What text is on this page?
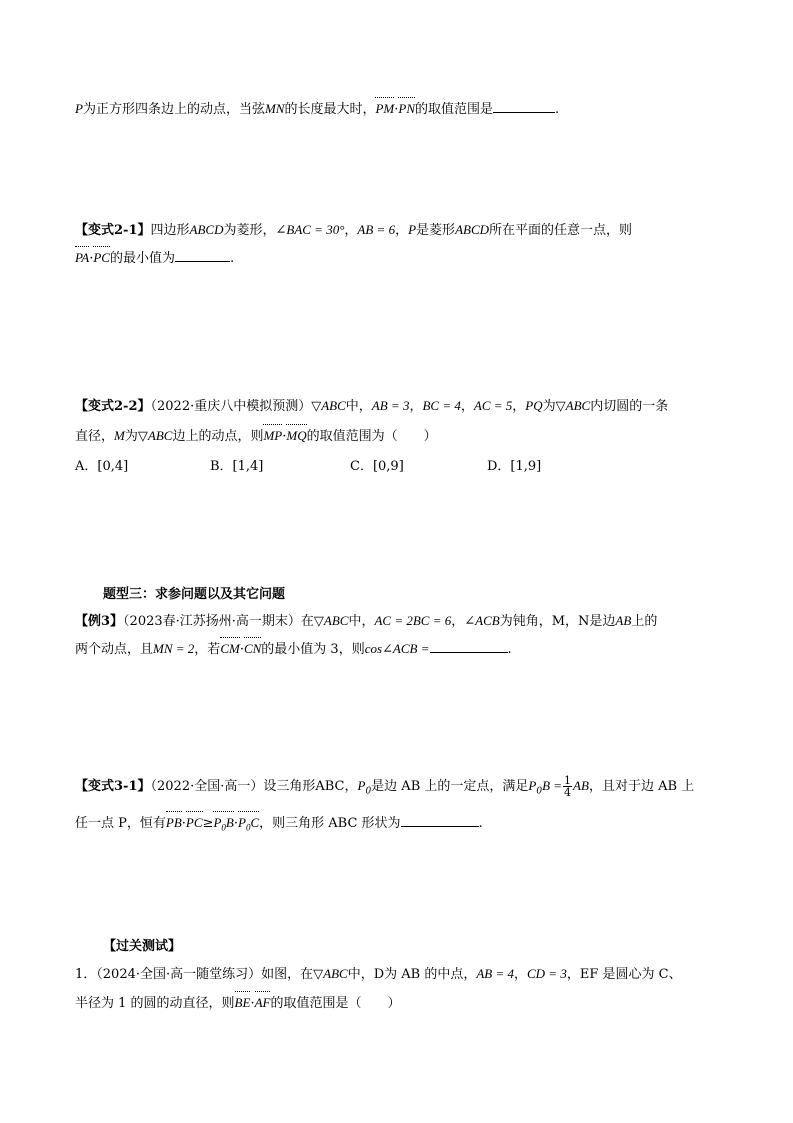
P为正方形四条边上的动点，当弦MN的长度最大时，PM·PN的取值范围是	.
【变式2-1】四边形ABCD为菱形，∠BAC = 30°，AB = 6，P是菱形ABCD所在平面的任意一点，则
PA·PC的最小值为	.
【变式2-2】（2022·重庆八中模拟预测）▽ABC中，AB = 3，BC = 4，AC = 5，PQ为▽ABC内切圆的一条
直径，M为▽ABC边上的动点，则MP·MQ的取值范围为（　　）
A．[0,4]	B．[1,4]	C．[0,9]	D．[1,9]
题型三：求参问题以及其它问题
【例3】（2023春·江苏扬州·高一期末）在▽ABC中，AC = 2BC = 6，∠ACB为钝角，M，N是边AB上的
两个动点，且MN = 2，若CM·CN的最小值为 3，则cos∠ACB =	.
【变式3-1】（2022·全国·高一）设三角形ABC，$P_0$是边 AB 上的一定点，满足$P_0B = \frac{1}{4}$ AB，且对于边 AB 上
任一点 P，恒有$PB\cdot PC\ge P_0B\cdot P_0C$，则三角形 ABC 形状为	.
【过关测试】
1．（2024·全国·高一随堂练习）如图，在▽ABC中，D为 AB 的中点，AB = 4，CD = 3，EF 是圆心为 C、
半径为 1 的圆的动直径，则BE·AF的取值范围是（　　）
